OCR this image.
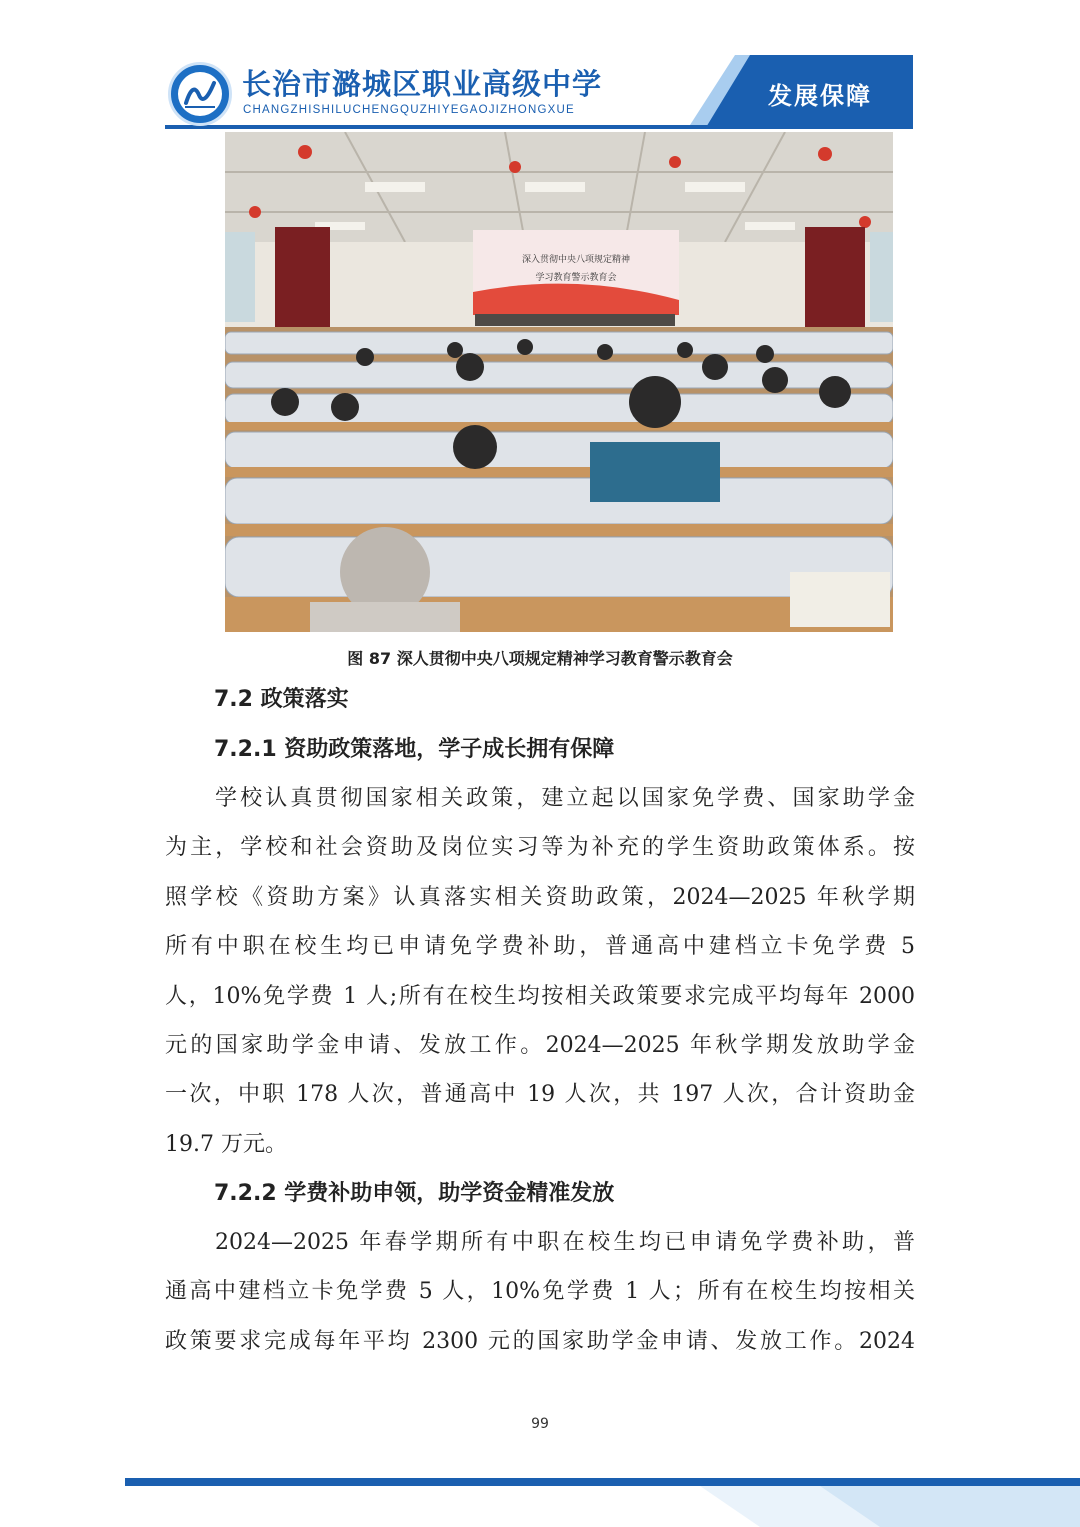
长治市潞城区职业高级中学
CHANGZHISHILUCHENGQUZHIYEGAOJIZHONGXUE	发展保障
深入贯彻中央八项规定精神
学习教育警示教育会
图 87 深人贯彻中央八项规定精神学习教育警示教育会
7.2 政策落实
7.2.1 资助政策落地，学子成长拥有保障
学校认真贯彻国家相关政策，建立起以国家免学费、国家助学金
为主，学校和社会资助及岗位实习等为补充的学生资助政策体系。按
照学校《资助方案》认真落实相关资助政策，2024—2025 年秋学期
所有中职在校生均已申请免学费补助，普通高中建档立卡免学费 5
人，10%免学费 1 人;所有在校生均按相关政策要求完成平均每年 2000
元的国家助学金申请、发放工作。2024—2025 年秋学期发放助学金
一次，中职 178 人次，普通高中 19 人次，共 197 人次，合计资助金
19.7 万元。
7.2.2 学费补助申领，助学资金精准发放
2024—2025 年春学期所有中职在校生均已申请免学费补助，普
通高中建档立卡免学费 5 人，10%免学费 1 人；所有在校生均按相关
政策要求完成每年平均 2300 元的国家助学金申请、发放工作。2024
99
